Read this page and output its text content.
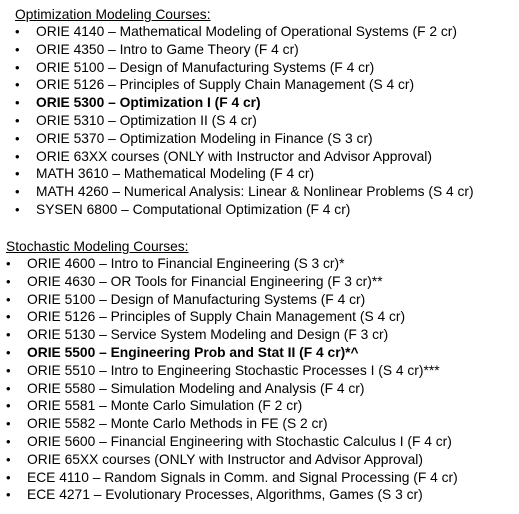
Optimization Modeling Courses:
• ORIE 4140 – Mathematical Modeling of Operational Systems (F 2 cr)
• ORIE 4350 – Intro to Game Theory (F 4 cr)
• ORIE 5100 – Design of Manufacturing Systems (F 4 cr)
• ORIE 5126 – Principles of Supply Chain Management (S 4 cr)
• ORIE 5300 – Optimization I (F 4 cr)
• ORIE 5310 – Optimization II (S 4 cr)
• ORIE 5370 – Optimization Modeling in Finance (S 3 cr)
• ORIE 63XX courses (ONLY with Instructor and Advisor Approval)
• MATH 3610 – Mathematical Modeling (F 4 cr)
• MATH 4260 – Numerical Analysis: Linear & Nonlinear Problems (S 4 cr)
• SYSEN 6800 – Computational Optimization (F 4 cr)
Stochastic Modeling Courses:
• ORIE 4600 – Intro to Financial Engineering (S 3 cr)*
• ORIE 4630 – OR Tools for Financial Engineering (F 3 cr)**
• ORIE 5100 – Design of Manufacturing Systems (F 4 cr)
• ORIE 5126 – Principles of Supply Chain Management (S 4 cr)
• ORIE 5130 – Service System Modeling and Design (F 3 cr)
• ORIE 5500 – Engineering Prob and Stat II (F 4 cr)*^
• ORIE 5510 – Intro to Engineering Stochastic Processes I (S 4 cr)***
• ORIE 5580 – Simulation Modeling and Analysis (F 4 cr)
• ORIE 5581 – Monte Carlo Simulation (F 2 cr)
• ORIE 5582 – Monte Carlo Methods in FE (S 2 cr)
• ORIE 5600 – Financial Engineering with Stochastic Calculus I (F 4 cr)
• ORIE 65XX courses (ONLY with Instructor and Advisor Approval)
• ECE 4110 – Random Signals in Comm. and Signal Processing (F 4 cr)
• ECE 4271 – Evolutionary Processes, Algorithms, Games (S 3 cr)
